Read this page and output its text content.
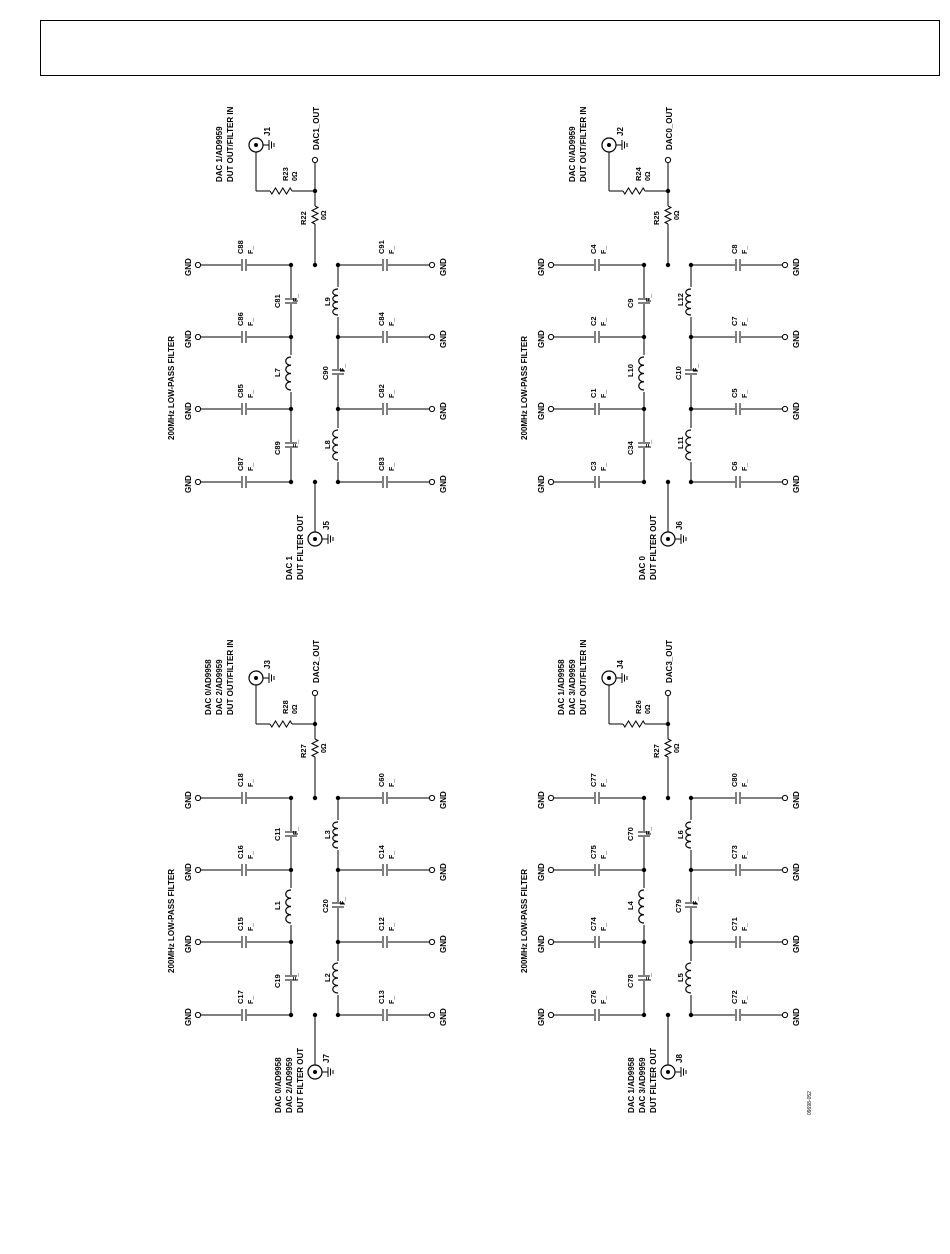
09698-052
200MHz LOW-PASS FILTER
GND	GND
C88 F_	C91 F_
GND	GND
C86 F_	C84 F_
GND	GND
C85 F_	C82 F_
GND	GND
C87 F_	C83 F_
C81 F_
C89 F_
L7
L9
C90 F_
L8
DAC1_OUT
R22 0Ω
R23 0Ω
J1
DAC 1/AD9959 DUT OUT/FILTER IN
J5
DAC 1 DUT FILTER OUT
200MHz LOW-PASS FILTER
GND	GND
C4 F_	C8 F_
GND	GND
C2 F_	C7 F_
GND	GND
C1 F_	C5 F_
GND	GND
C3 F_	C6 F_
C9
F_
C34 F_
L10
L12
C10 F_
L11
DAC0_OUT
R25 0Ω
R24 0Ω
J2
DAC 0/AD9959 DUT OUT/FILTER IN
J6
DAC 0 DUT FILTER OUT
200MHz LOW-PASS FILTER
GND	GND
C18 F_	C60 F_
GND	GND
C16 F_	C14 F_
GND	GND
C15 F_	C12 F_
GND	GND
C17 F_	C13 F_
C11 F_
C19 F_
L1
L3
C20 F_
L2
DAC2_OUT
R27 0Ω
R28 0Ω
J3
DAC 0/AD9958 DAC 2/AD9959 DUT OUT/FILTER IN
J7
DAC 0/AD9958 DAC 2/AD9959 DUT FILTER OUT
200MHz LOW-PASS FILTER
GND	GND
C77 F_	C80 F_
GND	GND
C75 F_	C73 F_
GND	GND
C74 F_	C71 F_
GND	GND
C76 F_	C72 F_
C70 F_
C78 F_
L4
L6
C79 F_
L5
DAC3_OUT
R27 0Ω
R26 0Ω
J4
DAC 1/AD9958 DAC 3/AD9959 DUT OUT/FILTER IN
J8
DAC 1/AD9958 DAC 3/AD9959 DUT FILTER OUT
